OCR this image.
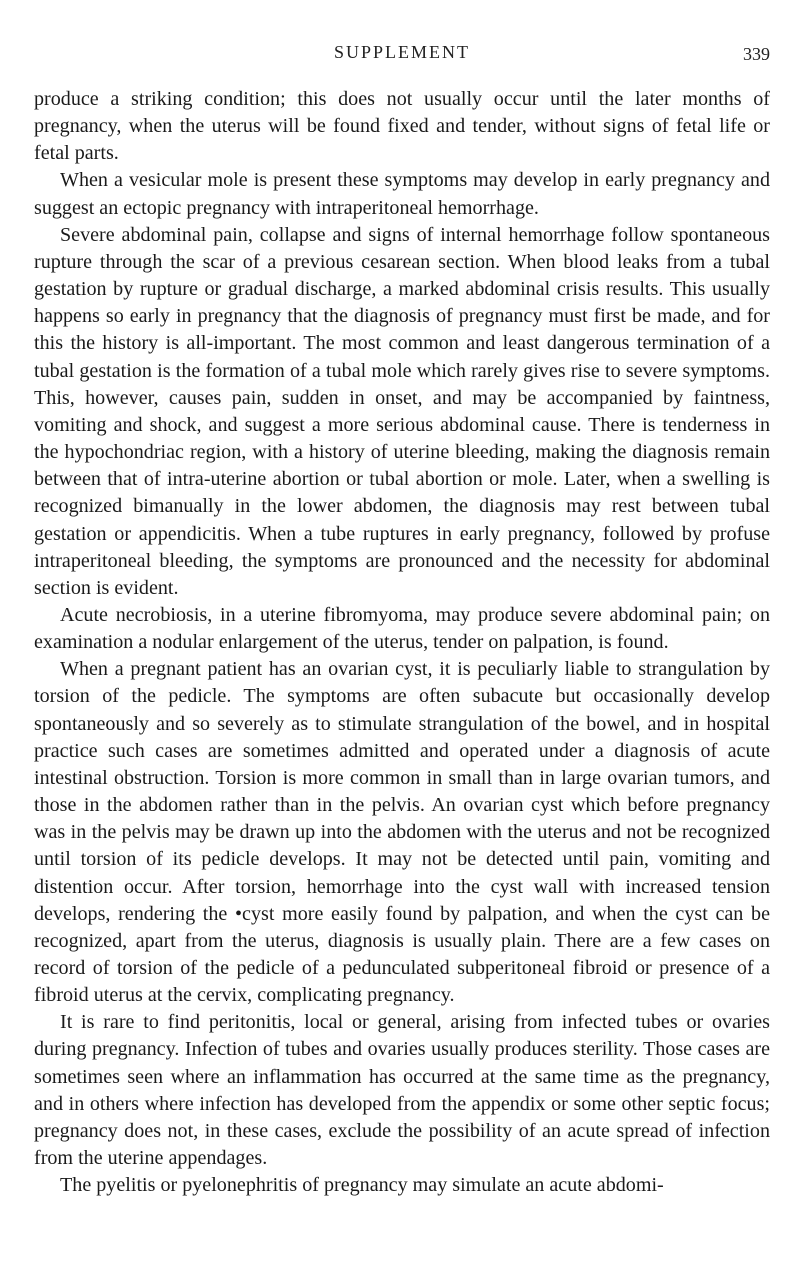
SUPPLEMENT	339

produce a striking condition; this does not usually occur until the later months of pregnancy, when the uterus will be found fixed and tender, without signs of fetal life or fetal parts.

When a vesicular mole is present these symptoms may develop in early pregnancy and suggest an ectopic pregnancy with intraperitoneal hemorrhage.

Severe abdominal pain, collapse and signs of internal hemorrhage follow spontaneous rupture through the scar of a previous cesarean section. When blood leaks from a tubal gestation by rupture or gradual discharge, a marked abdominal crisis results. This usually happens so early in pregnancy that the diagnosis of pregnancy must first be made, and for this the history is all-important. The most common and least dangerous termination of a tubal gestation is the formation of a tubal mole which rarely gives rise to severe symptoms. This, however, causes pain, sudden in onset, and may be accompanied by faintness, vomiting and shock, and suggest a more serious abdominal cause. There is tenderness in the hypochondriac region, with a history of uterine bleeding, making the diagnosis remain between that of intra-uterine abortion or tubal abortion or mole. Later, when a swelling is recognized bimanually in the lower abdomen, the diagnosis may rest between tubal gestation or appendicitis. When a tube ruptures in early pregnancy, followed by profuse intraperitoneal bleeding, the symptoms are pronounced and the necessity for abdominal section is evident.

Acute necrobiosis, in a uterine fibromyoma, may produce severe abdominal pain; on examination a nodular enlargement of the uterus, tender on palpation, is found.

When a pregnant patient has an ovarian cyst, it is peculiarly liable to strangulation by torsion of the pedicle. The symptoms are often subacute but occasionally develop spontaneously and so severely as to stimulate strangulation of the bowel, and in hospital practice such cases are sometimes admitted and operated under a diagnosis of acute intestinal obstruction. Torsion is more common in small than in large ovarian tumors, and those in the abdomen rather than in the pelvis. An ovarian cyst which before pregnancy was in the pelvis may be drawn up into the abdomen with the uterus and not be recognized until torsion of its pedicle develops. It may not be detected until pain, vomiting and distention occur. After torsion, hemorrhage into the cyst wall with increased tension develops, rendering the •cyst more easily found by palpation, and when the cyst can be recognized, apart from the uterus, diagnosis is usually plain. There are a few cases on record of torsion of the pedicle of a pedunculated subperitoneal fibroid or presence of a fibroid uterus at the cervix, complicating pregnancy.

It is rare to find peritonitis, local or general, arising from infected tubes or ovaries during pregnancy. Infection of tubes and ovaries usually produces sterility. Those cases are sometimes seen where an inflammation has occurred at the same time as the pregnancy, and in others where infection has developed from the appendix or some other septic focus; pregnancy does not, in these cases, exclude the possibility of an acute spread of infection from the uterine appendages.

The pyelitis or pyelonephritis of pregnancy may simulate an acute abdomi-
